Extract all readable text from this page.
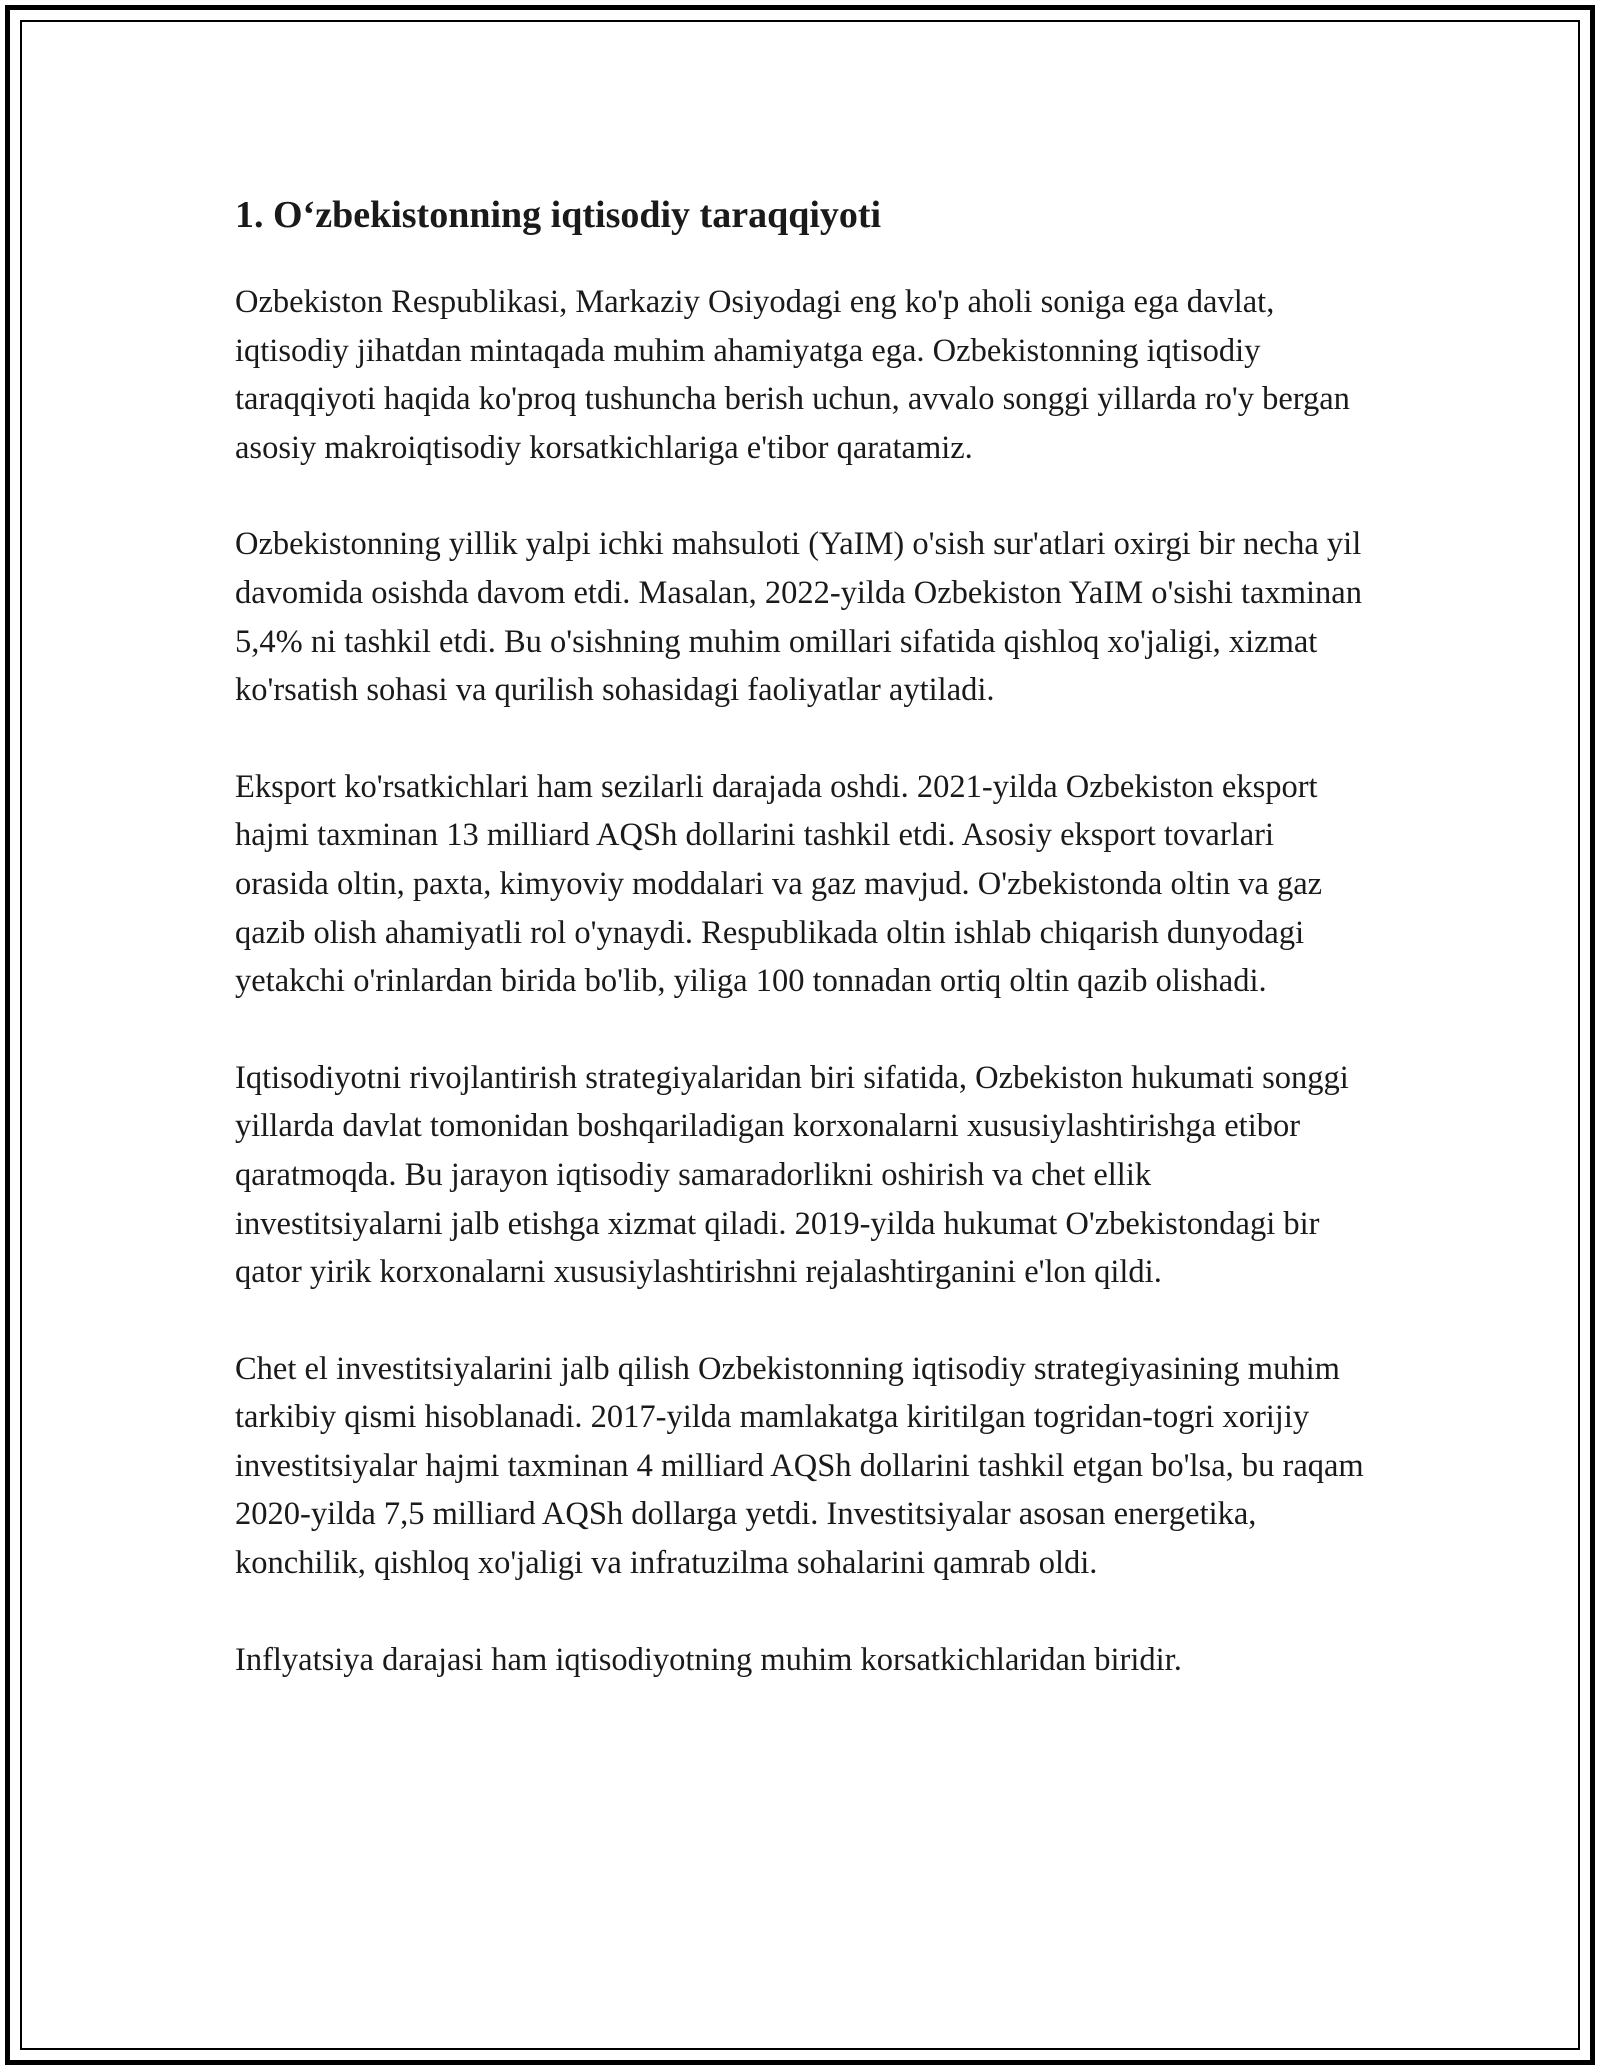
1. O‘zbekistonning iqtisodiy taraqqiyoti

Ozbekiston Respublikasi, Markaziy Osiyodagi eng ko'p aholi soniga ega davlat, iqtisodiy jihatdan mintaqada muhim ahamiyatga ega. Ozbekistonning iqtisodiy taraqqiyoti haqida ko'proq tushuncha berish uchun, avvalo songgi yillarda ro'y bergan asosiy makroiqtisodiy korsatkichlariga e'tibor qaratamiz.

Ozbekistonning yillik yalpi ichki mahsuloti (YaIM) o'sish sur'atlari oxirgi bir necha yil davomida osishda davom etdi. Masalan, 2022-yilda Ozbekiston YaIM o'sishi taxminan 5,4% ni tashkil etdi. Bu o'sishning muhim omillari sifatida qishloq xo'jaligi, xizmat ko'rsatish sohasi va qurilish sohasidagi faoliyatlar aytiladi.

Eksport ko'rsatkichlari ham sezilarli darajada oshdi. 2021-yilda Ozbekiston eksport hajmi taxminan 13 milliard AQSh dollarini tashkil etdi. Asosiy eksport tovarlari orasida oltin, paxta, kimyoviy moddalari va gaz mavjud. O'zbekistonda oltin va gaz qazib olish ahamiyatli rol o'ynaydi. Respublikada oltin ishlab chiqarish dunyodagi yetakchi o'rinlardan birida bo'lib, yiliga 100 tonnadan ortiq oltin qazib olishadi.

Iqtisodiyotni rivojlantirish strategiyalaridan biri sifatida, Ozbekiston hukumati songgi yillarda davlat tomonidan boshqariladigan korxonalarni xususiylashtirishga etibor qaratmoqda. Bu jarayon iqtisodiy samaradorlikni oshirish va chet ellik investitsiyalarni jalb etishga xizmat qiladi. 2019-yilda hukumat O'zbekistondagi bir qator yirik korxonalarni xususiylashtirishni rejalashtirganini e'lon qildi.

Chet el investitsiyalarini jalb qilish Ozbekistonning iqtisodiy strategiyasining muhim tarkibiy qismi hisoblanadi. 2017-yilda mamlakatga kiritilgan togridan-togri xorijiy investitsiyalar hajmi taxminan 4 milliard AQSh dollarini tashkil etgan bo'lsa, bu raqam 2020-yilda 7,5 milliard AQSh dollarga yetdi. Investitsiyalar asosan energetika, konchilik, qishloq xo'jaligi va infratuzilma sohalarini qamrab oldi.

Inflyatsiya darajasi ham iqtisodiyotning muhim korsatkichlaridan biridir.
